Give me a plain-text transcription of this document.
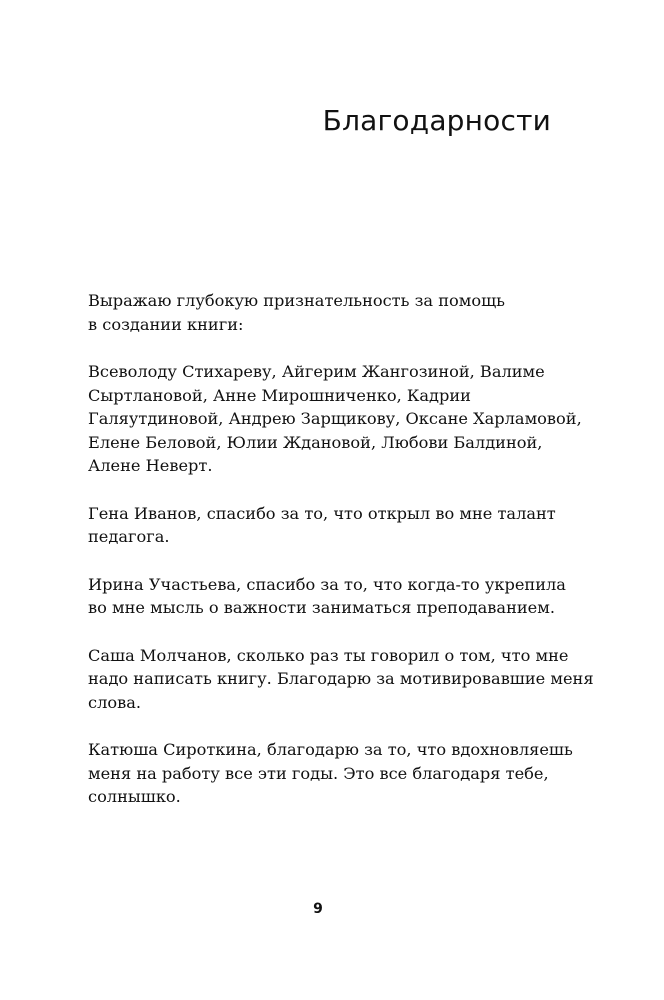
Благодарности

Выражаю глубокую признательность за помощь
в создании книги:

Всеволоду Стихареву, Айгерим Жангозиной, Валиме
Сыртлановой, Анне Мирошниченко, Кадрии
Галяутдиновой, Андрею Зарщикову, Оксане Харламовой,
Елене Беловой, Юлии Ждановой, Любови Балдиной,
Алене Неверт.

Гена Иванов, спасибо за то, что открыл во мне талант
педагога.

Ирина Участьева, спасибо за то, что когда-то укрепила
во мне мысль о важности заниматься преподаванием.

Саша Молчанов, сколько раз ты говорил о том, что мне
надо написать книгу. Благодарю за мотивировавшие меня
слова.

Катюша Сироткина, благодарю за то, что вдохновляешь
меня на работу все эти годы. Это все благодаря тебе,
солнышко.

9
